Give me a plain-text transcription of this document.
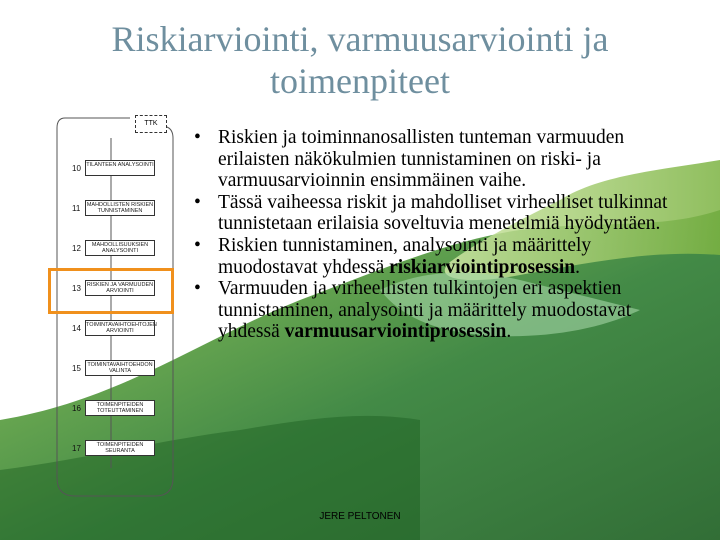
Riskiarviointi, varmuusarviointi ja
toimenpiteet
TTK
10 TILANTEEN ANALYSOINTI
11	MAHDOLLISTEN RISKIEN TUNNISTAMINEN
12	MAHDOLLISUUKSIEN ANALYSOINTI
13	RISKIEN JA VARMUUDEN ARVIOINTI
14 TOIMINTAVAIHTOEHTOJEN ARVIOINTI
15	TOIMINTAVAIHTOEHDON VALINTA
16	TOIMENPITEIDEN TOTEUTTAMINEN
17	TOIMENPITEIDEN SEURANTA
• Riskien ja toiminnanosallisten tunteman varmuuden erilaisten näkökulmien tunnistaminen on riski- ja varmuusarvioinnin ensimmäinen vaihe.
• Tässä vaiheessa riskit ja mahdolliset virheelliset tulkinnat tunnistetaan erilaisia soveltuvia menetelmiä hyödyntäen.
• Riskien tunnistaminen, analysointi ja määrittely muodostavat yhdessä riskiarviointiprosessin.
• Varmuuden ja virheellisten tulkintojen eri aspektien tunnistaminen, analysointi ja määrittely muodostavat yhdessä varmuusarviointiprosessin.
JERE PELTONEN
